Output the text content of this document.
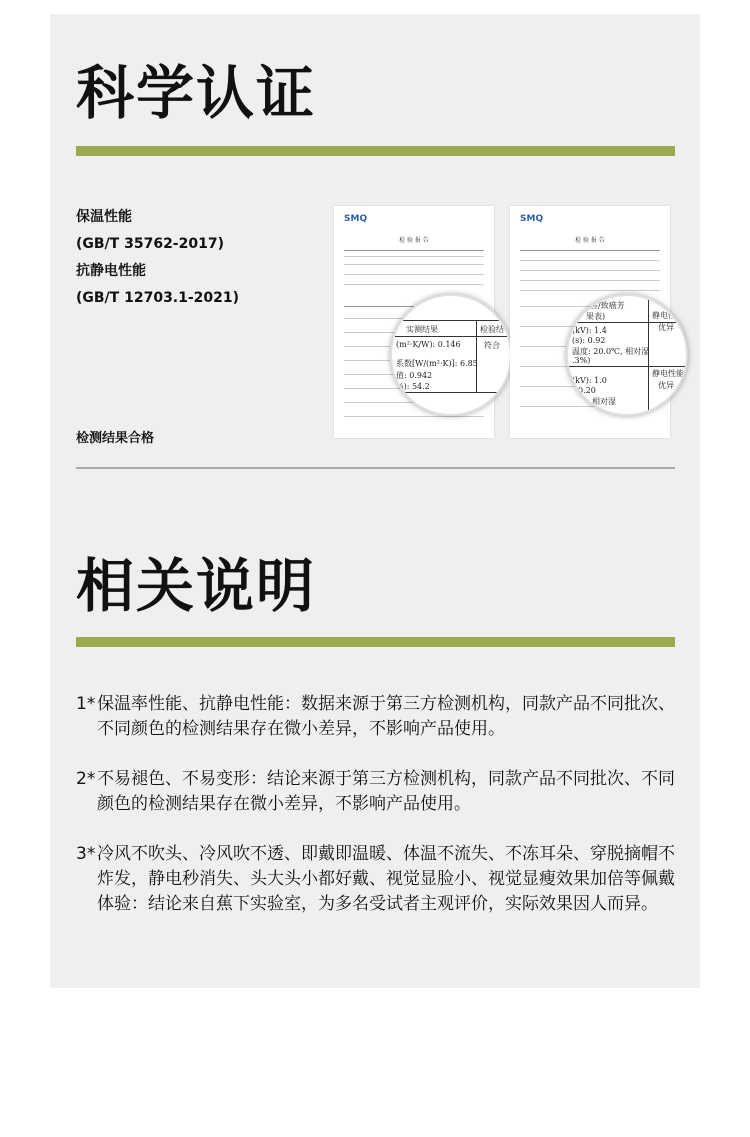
科学认证
保温性能
(GB/T 35762-2017)
抗静电性能
(GB/T 12703.1-2021)
检测结果合格
SMQ
检 验 报 告
实测结果	检验结
(m²·K/W): 0.146	符合
系数[W/(m²·K)]: 6.85
值: 0.942
%): 54.2
SMQ
检 验 报 告
苛害/致癌芳
果表)
(kV): 1.4
(s): 0.92
温度: 20.0℃, 相对湿
.3%)
静电性能
优异
(kV): 1.0
0.20
℃, 相对湿
静电性能
优异
相关说明
1* 保温率性能、抗静电性能：数据来源于第三方检测机构，同款产品不同批次、不同颜色的检测结果存在微小差异，不影响产品使用。
2* 不易褪色、不易变形：结论来源于第三方检测机构，同款产品不同批次、不同颜色的检测结果存在微小差异，不影响产品使用。
3* 冷风不吹头、冷风吹不透、即戴即温暖、体温不流失、不冻耳朵、穿脱摘帽不炸发，静电秒消失、头大头小都好戴、视觉显脸小、视觉显瘦效果加倍等佩戴体验：结论来自蕉下实验室，为多名受试者主观评价，实际效果因人而异。
